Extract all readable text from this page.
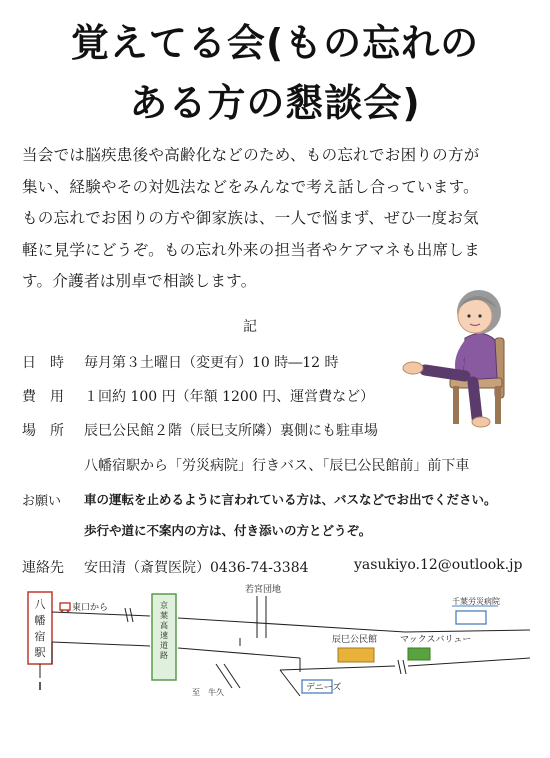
覚えてる会(もの忘れの
ある方の懇談会)

当会では脳疾患後や高齢化などのため、もの忘れでお困りの方が

集い、経験やその対処法などをみんなで考え話し合っています。

もの忘れでお困りの方や御家族は、一人で悩まず、ぜひ一度お気

軽に見学にどうぞ。もの忘れ外来の担当者やケアマネも出席しま

す。介護者は別卓で相談します。

記
日　時 毎月第３土曜日（変更有）10 時―12 時
費　用 １回約 100 円（年額 1200 円、運営費など）
場　所 辰巳公民館２階（辰巳支所隣）裏側にも駐車場
八幡宿駅から「労災病院」行きバス、「辰巳公民館前」前下車
お願い	車の運転を止めるように言われている方は、バスなどでお出でください。
歩行や道に不案内の方は、付き添いの方とどうぞ。
連絡先 安田清（斎賀医院）0436-74-3384	yasukiyo.12@outlook.jp
八
幡
宿
駅
東口から	京
葉
高
速
道
路
若宮団地
辰巳公民館	マックスバリュー
千葉労災病院
デニーズ
至　牛久
